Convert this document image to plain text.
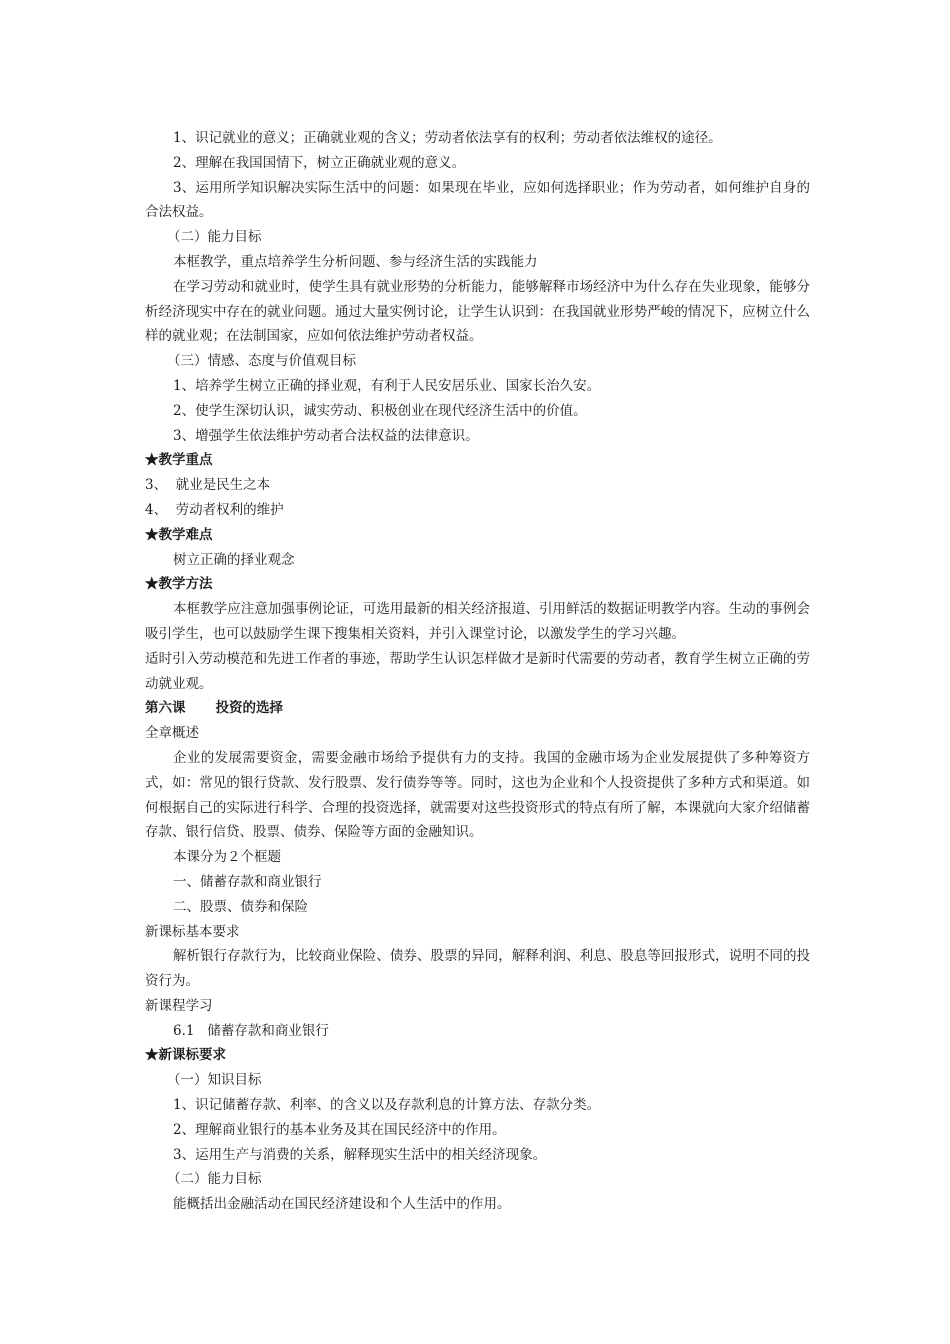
1、识记就业的意义；正确就业观的含义；劳动者依法享有的权利；劳动者依法维权的途径。

2、理解在我国国情下，树立正确就业观的意义。

3、运用所学知识解决实际生活中的问题：如果现在毕业，应如何选择职业；作为劳动者，如何维护自身的合法权益。

（二）能力目标

本框教学，重点培养学生分析问题、参与经济生活的实践能力

在学习劳动和就业时，使学生具有就业形势的分析能力，能够解释市场经济中为什么存在失业现象，能够分析经济现实中存在的就业问题。通过大量实例讨论，让学生认识到：在我国就业形势严峻的情况下，应树立什么样的就业观；在法制国家，应如何依法维护劳动者权益。

（三）情感、态度与价值观目标

1、培养学生树立正确的择业观，有利于人民安居乐业、国家长治久安。

2、使学生深切认识，诚实劳动、积极创业在现代经济生活中的价值。

3、增强学生依法维护劳动者合法权益的法律意识。

★教学重点

3、  就业是民生之本

4、  劳动者权利的维护

★教学难点

树立正确的择业观念

★教学方法

本框教学应注意加强事例论证，可选用最新的相关经济报道、引用鲜活的数据证明教学内容。生动的事例会吸引学生，也可以鼓励学生课下搜集相关资料，并引入课堂讨论，以激发学生的学习兴趣。

适时引入劳动模范和先进工作者的事迹，帮助学生认识怎样做才是新时代需要的劳动者，教育学生树立正确的劳动就业观。

第六课 投资的选择

全章概述

企业的发展需要资金，需要金融市场给予提供有力的支持。我国的金融市场为企业发展提供了多种筹资方式，如：常见的银行贷款、发行股票、发行债券等等。同时，这也为企业和个人投资提供了多种方式和渠道。如何根据自己的实际进行科学、合理的投资选择，就需要对这些投资形式的特点有所了解，本课就向大家介绍储蓄存款、银行信贷、股票、债券、保险等方面的金融知识。

本课分为２个框题

一、储蓄存款和商业银行

二、股票、债券和保险

新课标基本要求

解析银行存款行为，比较商业保险、债券、股票的异同，解释利润、利息、股息等回报形式，说明不同的投资行为。

新课程学习

6.1   储蓄存款和商业银行

★新课标要求

（一）知识目标

1、识记储蓄存款、利率、的含义以及存款利息的计算方法、存款分类。

2、理解商业银行的基本业务及其在国民经济中的作用。

3、运用生产与消费的关系，解释现实生活中的相关经济现象。

（二）能力目标

能概括出金融活动在国民经济建设和个人生活中的作用。
